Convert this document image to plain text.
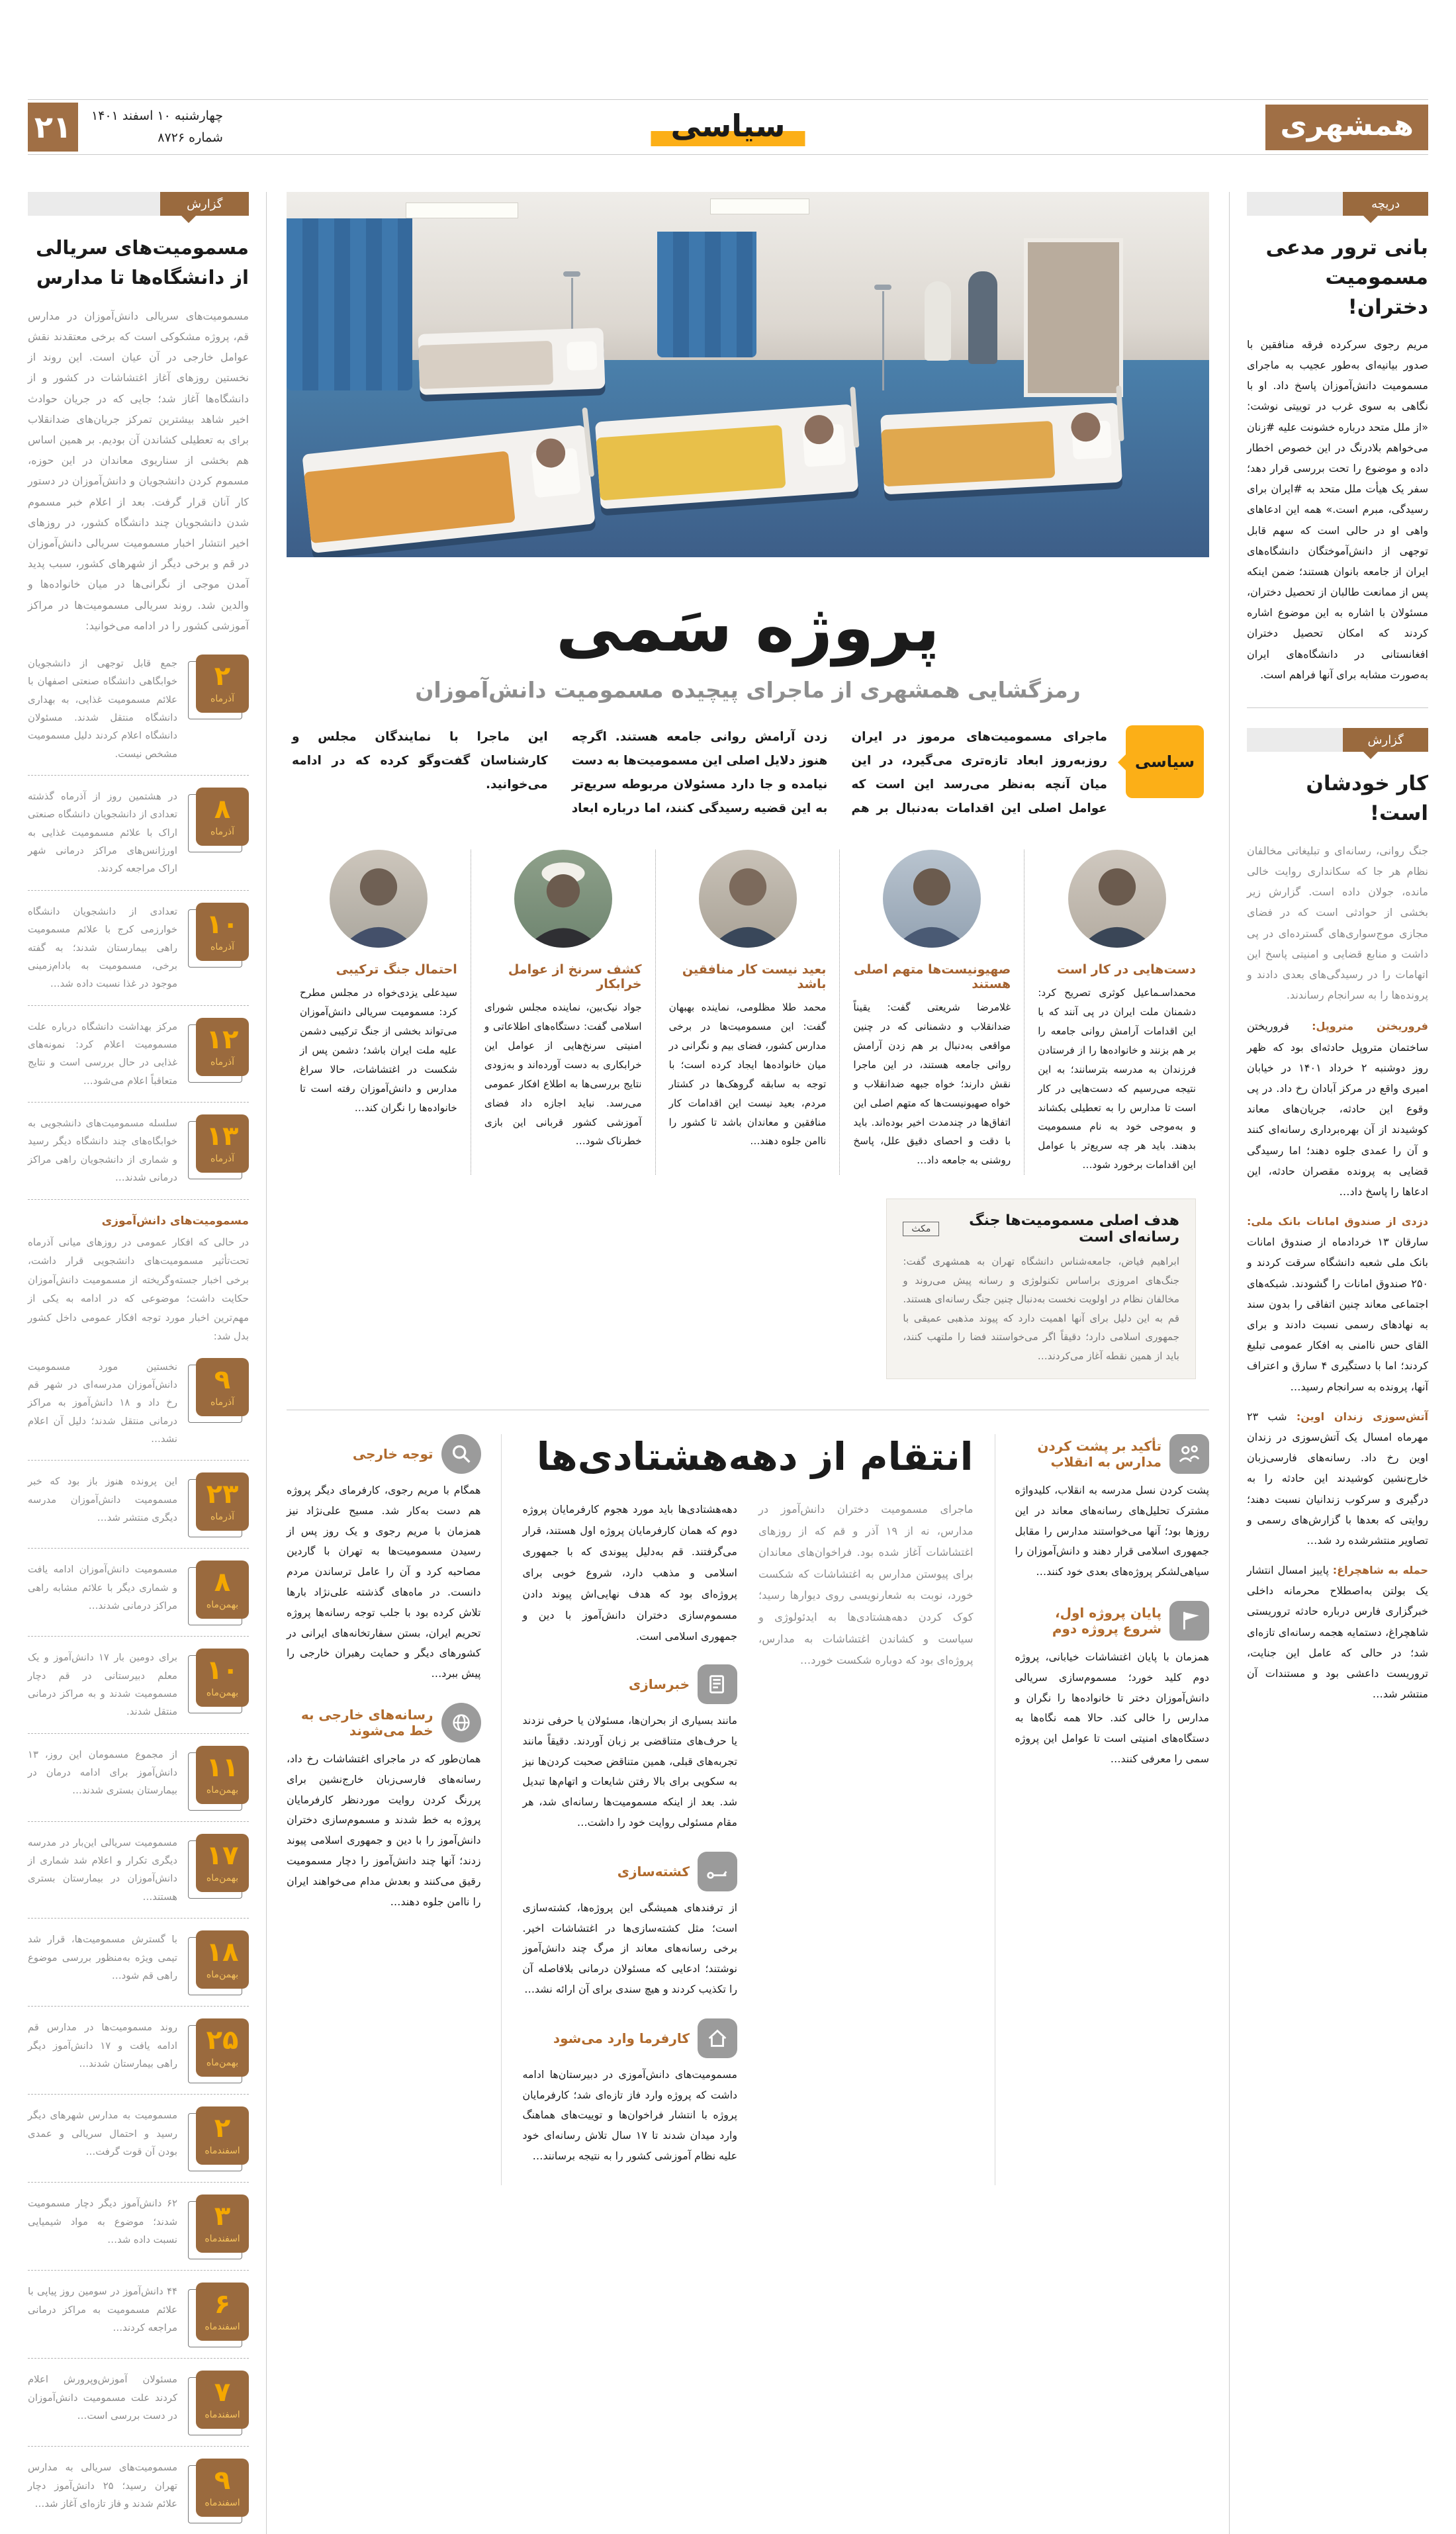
همشهری
سیاسی
چهارشنبه ۱۰ اسفند ۱۴۰۱
شماره ۸۷۲۶
۲۱
دریچه
بانی ترور مدعی مسمومیت دختران!

مریم رجوی سرکرده فرقه منافقین با صدور بیانیه‌ای به‌طور عجیب به ماجرای مسمومیت دانش‌آموزان پاسخ داد. او با نگاهی به سوی غرب در توییتی نوشت: «از ملل متحد درباره خشونت علیه #زنان می‌خواهم بلادرنگ در این خصوص اخطار داده و موضوع را تحت بررسی قرار دهد؛ سفر یک هیأت ملل متحد به #ایران برای رسیدگی، مبرم است.» همه این ادعاهای واهی او در حالی است که سهم قابل توجهی از دانش‌آموختگان دانشگاه‌های ایران از جامعه بانوان هستند؛ ضمن اینکه پس از ممانعت طالبان از تحصیل دختران، مسئولان با اشاره به این موضوع اشاره کردند که امکان تحصیل دختران افغانستانی در دانشگاه‌های ایران به‌صورت مشابه برای آنها فراهم است.

گزارش
کار خودشان است!

جنگ روانی، رسانه‌ای و تبلیغاتی مخالفان نظام هر جا که سکانداری روایت خالی مانده، جولان داده است. گزارش زیر بخشی از حوادثی است که در فضای مجازی موج‌سواری‌های گسترده‌ای در پی داشت و منابع قضایی و امنیتی پاسخ این اتهامات را در رسیدگی‌های بعدی دادند و پرونده‌ها را به سرانجام رساندند.

فروریختن متروپل: فروریختن ساختمان متروپل حادثه‌ای بود که ظهر روز دوشنبه ۲ خرداد ۱۴۰۱ در خیابان امیری واقع در مرکز آبادان رخ داد. در پی وقوع این حادثه، جریان‌های معاند کوشیدند از آن بهره‌برداری رسانه‌ای کنند و آن را عمدی جلوه دهند؛ اما رسیدگی قضایی به پرونده مقصران حادثه، این ادعاها را پاسخ داد…

دزدی از صندوق امانات بانک ملی: سارقان ۱۳ خردادماه از صندوق امانات بانک ملی شعبه دانشگاه سرقت کردند و ۲۵۰ صندوق امانات را گشودند. شبکه‌های اجتماعی معاند چنین اتفاقی را بدون سند به نهادهای رسمی نسبت دادند و برای القای حس ناامنی به افکار عمومی تبلیغ کردند؛ اما با دستگیری ۴ سارق و اعتراف آنها، پرونده به سرانجام رسید…

آتش‌سوزی زندان اوین: شب ۲۳ مهرماه امسال یک آتش‌سوزی در زندان اوین رخ داد. رسانه‌های فارسی‌زبان خارج‌نشین کوشیدند این حادثه را به درگیری و سرکوب زندانیان نسبت دهند؛ روایتی که بعدها با گزارش‌های رسمی و تصاویر منتشرشده رد شد…

حمله به شاهچراغ: پاییز امسال انتشار یک بولتن به‌اصطلاح محرمانه داخلی خبرگزاری فارس درباره حادثه تروریستی شاهچراغ، دستمایه هجمه رسانه‌ای تازه‌ای شد؛ در حالی که عامل این جنایت، تروریست داعشی بود و مستندات آن منتشر شد…

پروژه سَمی
رمزگشایی همشهری از ماجرای پیچیده مسمومیت دانش‌آموزان
سیاسی

ماجرای مسمومیت‌های مرموز در ایران روزبه‌روز ابعاد تازه‌تری می‌گیرد، در این میان آنچه به‌نظر می‌رسد این است که عوامل اصلی این اقدامات به‌دنبال بر هم زدن آرامش روانی جامعه هستند. اگرچه هنوز دلایل اصلی این مسمومیت‌ها به دست نیامده و جا دارد مسئولان مربوطه سریع‌تر به این قضیه رسیدگی کنند، اما درباره ابعاد این ماجرا با نمایندگان مجلس و کارشناسان گفت‌وگو کرده که در ادامه می‌خوانید.

دست‌هایی در کار است

محمداسـماعیل کوثری تصریح کرد: دشمنان ملت ایران در پی آنند که با این اقدامات آرامش روانی جامعه را بر هم بزنند و خانواده‌ها را از فرستادن فرزندان به مدرسه بترسانند؛ به این نتیجه می‌رسیم که دست‌هایی در کار است تا مدارس را به تعطیلی بکشاند و به‌موجی خود به نام مسمومیت بدهند. باید هر چه سریع‌تر با عوامل این اقدامات برخورد شود…

صهیونیست‌ها متهم اصلی هستند

غلامرضا شریعتی گفت: یقیناً ضدانقلاب و دشمنانی که در چنین مواقعی به‌دنبال بر هم زدن آرامش روانی جامعه هستند، در این ماجرا نقش دارند؛ خواه جبهه ضدانقلاب و خواه صهیونیست‌ها که متهم اصلی این اتفاق‌ها در چندمدت اخیر بوده‌اند. باید با دقت و احصای دقیق علل، پاسخ روشنی به جامعه داد…

بعید نیست کار منافقین باشد

محمد طلا مظلومی، نماینده بهبهان گفت: این مسمومیت‌ها در برخی مدارس کشور، فضای بیم و نگرانی در میان خانواده‌ها ایجاد کرده است؛ با توجه به سابقه گروهک‌ها در کشتار مردم، بعید نیست این اقدامات کار منافقین و معاندان باشد تا کشور را ناامن جلوه دهند…

کشف سرنخ از عوامل خرابکار

جواد نیک‌بین، نماینده مجلس شورای اسلامی گفت: دستگاه‌های اطلاعاتی و امنیتی سرنخ‌هایی از عوامل این خرابکاری به دست آورده‌اند و به‌زودی نتایج بررسی‌ها به اطلاع افکار عمومی می‌رسد. نباید اجازه داد فضای آموزشی کشور قربانی این بازی خطرناک شود…

احتمال جنگ ترکیبی

سیدعلی یزدی‌خواه در مجلس مطرح کرد: مسمومیت سریالی دانش‌آموزان می‌تواند بخشی از جنگ ترکیبی دشمن علیه ملت ایران باشد؛ دشمن پس از شکست در اغتشاشات، حالا سراغ مدارس و دانش‌آموزان رفته است تا خانواده‌ها را نگران کند…

هدف اصلی مسمومیت‌ها جنگ رسانه‌ای است
مکث

ابراهیم فیاض، جامعه‌شناس دانشگاه تهران به همشهری گفت: جنگ‌های امروزی براساس تکنولوژی و رسانه پیش می‌روند و مخالفان نظام در اولویت نخست به‌دنبال چنین جنگ رسانه‌ای هستند. قم به این دلیل برای آنها اهمیت دارد که پیوند مذهبی عمیقی با جمهوری اسلامی دارد؛ دقیقاً اگر می‌خواستند فضا را ملتهب کنند، باید از همین نقطه آغاز می‌کردند…

انتقام از دهه‌هشتادی‌ها	تأکید بر پشت کردن مدارس به انقلاب

پشت کردن نسل مدرسه به انقلاب، کلیدواژه مشترک تحلیل‌های رسانه‌های معاند در این روزها بود؛ آنها می‌خواستند مدارس را مقابل جمهوری اسلامی قرار دهند و دانش‌آموزان را سیاهی‌لشکر پروژه‌های بعدی خود کنند…

پایان پروژه اول، شروع پروژه دوم

همزمان با پایان اغتشاشات خیابانی، پروژه دوم کلید خورد؛ مسموم‌سازی سریالی دانش‌آموزان دختر تا خانواده‌ها را نگران و مدارس را خالی کند. حالا همه نگاه‌ها به دستگاه‌های امنیتی است تا عوامل این پروژه سمی را معرفی کنند…

ماجرای مسمومیت دختران دانش‌آموز در مدارس، نه از ۱۹ آذر و قم که از روزهای اغتشاشات آغاز شده بود. فراخوان‌های معاندان برای پیوستن مدارس به اغتشاشات که شکست خورد، نوبت به شعارنویسی روی دیوارها رسید؛ کوک کردن دهه‌هشتادی‌ها به ایدئولوژی و سیاست و کشاندن اغتشاشات به مدارس، پروژه‌ای بود که دوباره شکست خورد…

دهه‌هشتادی‌ها باید مورد هجوم کارفرمایان پروژه دوم که همان کارفرمایان پروژه اول هستند، قرار می‌گرفتند. قم به‌دلیل پیوندی که با جمهوری اسلامی و مذهب دارد، شروع خوبی برای پروژه‌ای بود که هدف نهایی‌اش پیوند دادن مسموم‌سازی دختران دانش‌آموز با دین و جمهوری اسلامی است.

خبرسازی

مانند بسیاری از بحران‌ها، مسئولان یا حرفی نزدند یا حرف‌های متناقضی بر زبان آوردند. دقیقاً مانند تجربه‌های قبلی، همین متناقض صحبت کردن‌ها نیز به سکویی برای بالا رفتن شایعات و اتهام‌ها تبدیل شد. بعد از اینکه مسمومیت‌ها رسانه‌ای شد، هر مقام مسئولی روایت خود را داشت…

کشته‌سازی

از ترفندهای همیشگی این پروژه‌ها، کشته‌سازی است؛ مثل کشته‌سازی‌ها در اغتشاشات اخیر. برخی رسانه‌های معاند از مرگ چند دانش‌آموز نوشتند؛ ادعایی که مسئولان درمانی بلافاصله آن را تکذیب کردند و هیچ سندی برای آن ارائه نشد…

کارفرما وارد می‌شود

مسمومیت‌های دانش‌آموزی در دبیرستان‌ها ادامه داشت که پروژه وارد فاز تازه‌ای شد؛ کارفرمایان پروژه با انتشار فراخوان‌ها و توییت‌های هماهنگ وارد میدان شدند تا ۱۷ سال تلاش رسانه‌ای خود علیه نظام آموزشی کشور را به نتیجه برسانند…

توجه خارجی

همگام با مریم رجوی، کارفرمای دیگر پروژه هم دست به‌کار شد. مسیح علی‌نژاد نیز همزمان با مریم رجوی و یک روز پس از رسیدن مسمومیت‌ها به تهران با گاردین مصاحبه کرد و آن را عامل ترساندن مردم دانست. در ماه‌های گذشته علی‌نژاد بارها تلاش کرده بود با جلب توجه رسانه‌ها پروژه تحریم ایران، بستن سفارتخانه‌های ایرانی در کشورهای دیگر و حمایت رهبران خارجی را پیش ببرد…

رسانه‌های خارجی به خط می‌شوند

همان‌طور که در ماجرای اغتشاشات رخ داد، رسانه‌های فارسی‌زبان خارج‌نشین برای پررنگ کردن روایت موردنظر کارفرمایان پروژه به خط شدند و مسموم‌سازی دختران دانش‌آموز را با دین و جمهوری اسلامی پیوند زدند؛ آنها چند دانش‌آموز را دچار مسمومیت رقیق می‌کنند و بعدش مدام می‌خواهند ایران را ناامن جلوه دهند…

گزارش
مسمومیت‌های سریالی از دانشگاه‌ها تا مدارس

مسمومیت‌های سریالی دانش‌آموزان در مدارس قم، پروژه مشکوکی است که برخی معتقدند نقش عوامل خارجی در آن عیان است. این روند از نخستین روزهای آغاز اغتشاشات در کشور و از دانشگاه‌ها آغاز شد؛ جایی که در جریان حوادث اخیر شاهد بیشترین تمرکز جریان‌های ضدانقلاب برای به تعطیلی کشاندن آن بودیم. بر همین اساس هم بخشی از سناریوی معاندان در این حوزه، مسموم کردن دانشجویان و دانش‌آموزان در دستور کار آنان قرار گرفت. بعد از اعلام خبر مسموم شدن دانشجویان چند دانشگاه کشور، در روزهای اخیر انتشار اخبار مسمومیت سریالی دانش‌آموزان در قم و برخی دیگر از شهرهای کشور، سبب پدید آمدن موجی از نگرانی‌ها در میان خانواده‌ها و والدین شد. روند سریالی مسمومیت‌ها در مراکز آموزشی کشور را در ادامه می‌خوانید:

۲
آذرماه

جمع قابل توجهی از دانشجویان خوابگاهی دانشگاه صنعتی اصفهان با علائم مسمومیت غذایی، به بهداری دانشگاه منتقل شدند. مسئولان دانشگاه اعلام کردند دلیل مسمومیت مشخص نیست.

۸
آذرماه

در هشتمین روز از آذرماه گذشته تعدادی از دانشجویان دانشگاه صنعتی اراک با علائم مسمومیت غذایی به اورژانس‌های مراکز درمانی شهر اراک مراجعه کردند.

۱۰
آذرماه

تعدادی از دانشجویان دانشگاه خوارزمی کرج با علائم مسمومیت راهی بیمارستان شدند؛ به گفته برخی، مسمومیت به بادام‌زمینی موجود در غذا نسبت داده شد…

۱۲
آذرماه

مرکز بهداشت دانشگاه درباره علت مسمومیت اعلام کرد: نمونه‌های غذایی در حال بررسی است و نتایج متعاقباً اعلام می‌شود…

۱۳
آذرماه

سلسله مسمومیت‌های دانشجویی به خوابگاه‌های چند دانشگاه دیگر رسید و شماری از دانشجویان راهی مراکز درمانی شدند…

مسمومیت‌های دانش‌آموزی

در حالی که افکار عمومی در روزهای میانی آذرماه تحت‌تأثیر مسمومیت‌های دانشجویی قرار داشت، برخی اخبار جسته‌وگریخته از مسمومیت دانش‌آموزان حکایت داشت؛ موضوعی که در ادامه به یکی از مهم‌ترین اخبار مورد توجه افکار عمومی داخل کشور بدل شد:

۹
آذرماه

نخستین مورد مسمومیت دانش‌آموزان مدرسه‌ای در شهر قم رخ داد و ۱۸ دانش‌آموز به مراکز درمانی منتقل شدند؛ دلیل آن اعلام نشد…

۲۳
آذرماه

این پرونده هنوز باز بود که خبر مسمومیت دانش‌آموزان مدرسه دیگری منتشر شد…

۸
بهمن‌ماه

مسمومیت دانش‌آموزان ادامه یافت و شماری دیگر با علائم مشابه راهی مراکز درمانی شدند…

۱۰
بهمن‌ماه

برای دومین بار ۱۷ دانش‌آموز و یک معلم دبیرستانی در قم دچار مسمومیت شدند و به مراکز درمانی منتقل شدند.

۱۱
بهمن‌ماه

از مجموع مسمومان این روز، ۱۳ دانش‌آموز برای ادامه درمان در بیمارستان بستری شدند…

۱۷
بهمن‌ماه

مسمومیت سریالی این‌بار در مدرسه دیگری تکرار و اعلام شد شماری از دانش‌آموزان در بیمارستان بستری هستند…

۱۸
بهمن‌ماه

با گسترش مسمومیت‌ها، قرار شد تیمی ویژه به‌منظور بررسی موضوع راهی قم شود…

۲۵
بهمن‌ماه

روند مسمومیت‌ها در مدارس قم ادامه یافت و ۱۷ دانش‌آموز دیگر راهی بیمارستان شدند…

۲
اسفندماه

مسمومیت به مدارس شهرهای دیگر رسید و احتمال سریالی و عمدی بودن آن قوت گرفت…

۳
اسفندماه

۶۲ دانش‌آموز دیگر دچار مسمومیت شدند؛ موضوع به مواد شیمیایی نسبت داده شد…

۶
اسفندماه

۴۴ دانش‌آموز در سومین روز پیاپی با علائم مسمومیت به مراکز درمانی مراجعه کردند…

۷
اسفندماه

مسئولان آموزش‌وپرورش اعلام کردند علت مسمومیت دانش‌آموزان در دست بررسی است…

۹
اسفندماه

مسمومیت‌های سریالی به مدارس تهران رسید؛ ۲۵ دانش‌آموز دچار علائم شدند و فاز تازه‌ای آغاز شد…
